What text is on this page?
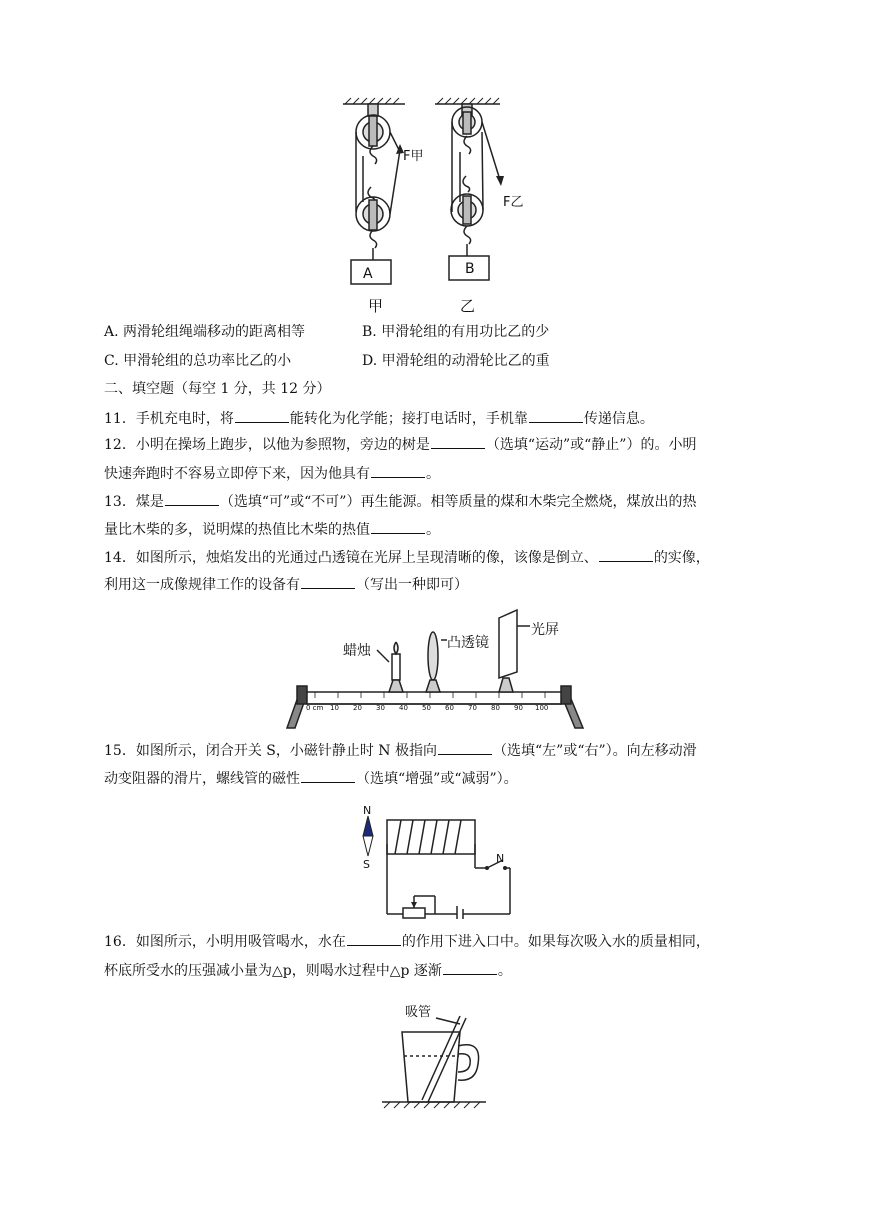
A	B
F甲
F乙
甲	乙
A. 两滑轮组绳端移动的距离相等	B. 甲滑轮组的有用功比乙的少
C. 甲滑轮组的总功率比乙的小	D. 甲滑轮组的动滑轮比乙的重
二、填空题（每空 1 分，共 12 分）
11．手机充电时，将	能转化为化学能；接打电话时，手机靠	传递信息。
12．小明在操场上跑步，以他为参照物，旁边的树是	（选填“运动”或“静止”）的。小明
快速奔跑时不容易立即停下来，因为他具有	。
13．煤是	（选填“可”或“不可”）再生能源。相等质量的煤和木柴完全燃烧，煤放出的热
量比木柴的多，说明煤的热值比木柴的热值	。
14．如图所示，烛焰发出的光通过凸透镜在光屏上呈现清晰的像，该像是倒立、	的实像，
利用这一成像规律工作的设备有	（写出一种即可）
蜡烛	凸透镜
光屏
0 cm 10 20 30 40 50 60 70 80 90 100
15．如图所示，闭合开关 S，小磁针静止时 N 极指向	（选填“左”或“右”）。向左移动滑
动变阻器的滑片，螺线管的磁性	（选填“增强”或“减弱”）。
N
S	N
16．如图所示，小明用吸管喝水，水在	的作用下进入口中。如果每次吸入水的质量相同，
杯底所受水的压强减小量为△p，则喝水过程中△p 逐渐	。
吸管
